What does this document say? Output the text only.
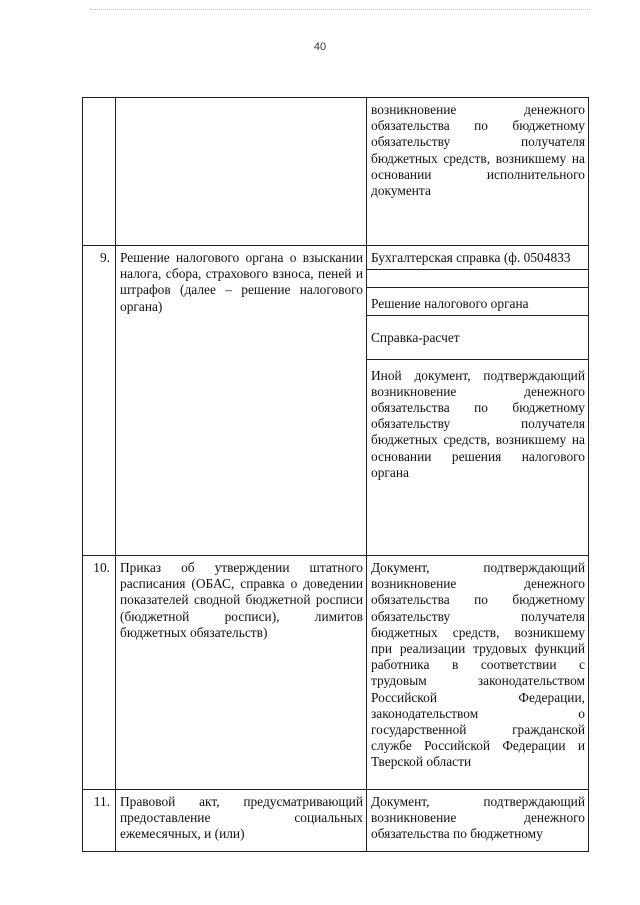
40

		возникновение денежного обязательства по бюджетному обязательству получателя бюджетных средств, возникшему на основании исполнительного документа

9.	Решение налогового органа о взыскании налога, сбора, страхового взноса, пеней и штрафов (далее – решение налогового органа)	Бухгалтерская справка (ф. 0504833
Решение налогового органа
Справка-расчет
Иной документ, подтверждающий возникновение денежного обязательства по бюджетному обязательству получателя бюджетных средств, возникшему на основании решения налогового органа

10.	Приказ об утверждении штатного расписания (ОБАС, справка о доведении показателей сводной бюджетной росписи (бюджетной росписи), лимитов бюджетных обязательств)	Документ, подтверждающий возникновение денежного обязательства по бюджетному обязательству получателя бюджетных средств, возникшему при реализации трудовых функций работника в соответствии с трудовым законодательством Российской Федерации, законодательством о государственной гражданской службе Российской Федерации и Тверской области

11.	Правовой акт, предусматривающий предоставление социальных ежемесячных, и (или)	Документ, подтверждающий возникновение денежного обязательства по бюджетному
